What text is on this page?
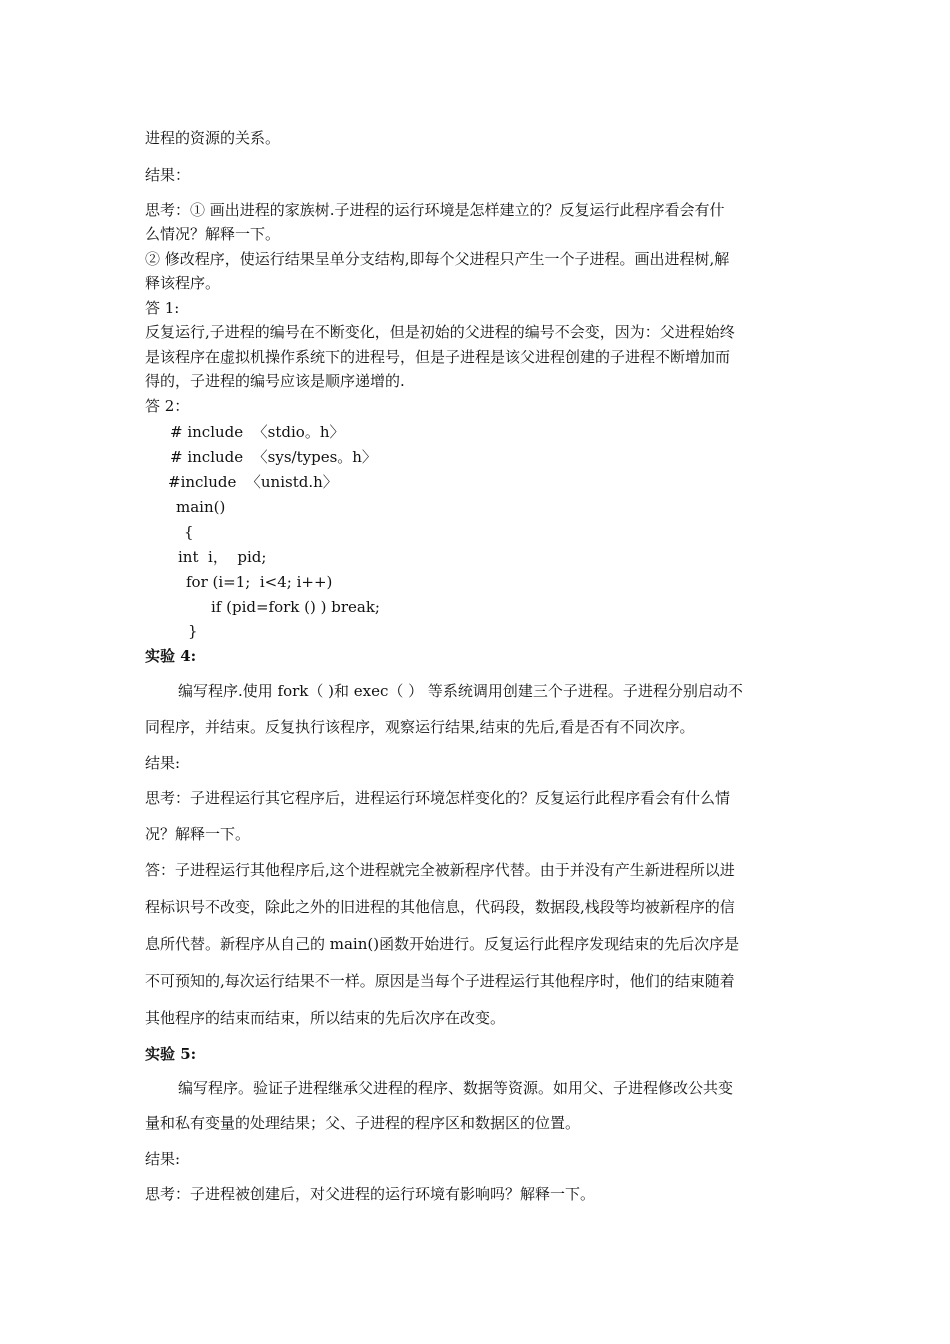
进程的资源的关系。
结果：
思考：① 画出进程的家族树.子进程的运行环境是怎样建立的？反复运行此程序看会有什
么情况？解释一下。
② 修改程序，使运行结果呈单分支结构,即每个父进程只产生一个子进程。画出进程树,解
释该程序。
答 1:
反复运行,子进程的编号在不断变化，但是初始的父进程的编号不会变，因为：父进程始终
是该程序在虚拟机操作系统下的进程号，但是子进程是该父进程创建的子进程不断增加而
得的，子进程的编号应该是顺序递增的.
答 2：
# include  〈stdio。h〉
# include  〈sys/types。h〉
#include  〈unistd.h〉
main()
{
int  i，  pid;
for (i=1;  i<4; i++)
if (pid=fork () ) break;
}
实验 4:
编写程序.使用 fork（ )和 exec（ ） 等系统调用创建三个子进程。子进程分别启动不
同程序，并结束。反复执行该程序，观察运行结果,结束的先后,看是否有不同次序。
结果:
思考：子进程运行其它程序后，进程运行环境怎样变化的？反复运行此程序看会有什么情
况？解释一下。
答：子进程运行其他程序后,这个进程就完全被新程序代替。由于并没有产生新进程所以进
程标识号不改变，除此之外的旧进程的其他信息，代码段，数据段,栈段等均被新程序的信
息所代替。新程序从自己的 main()函数开始进行。反复运行此程序发现结束的先后次序是
不可预知的,每次运行结果不一样。原因是当每个子进程运行其他程序时，他们的结束随着
其他程序的结束而结束，所以结束的先后次序在改变。
实验 5:
编写程序。验证子进程继承父进程的程序、数据等资源。如用父、子进程修改公共变
量和私有变量的处理结果；父、子进程的程序区和数据区的位置。
结果:
思考：子进程被创建后，对父进程的运行环境有影响吗？解释一下。
